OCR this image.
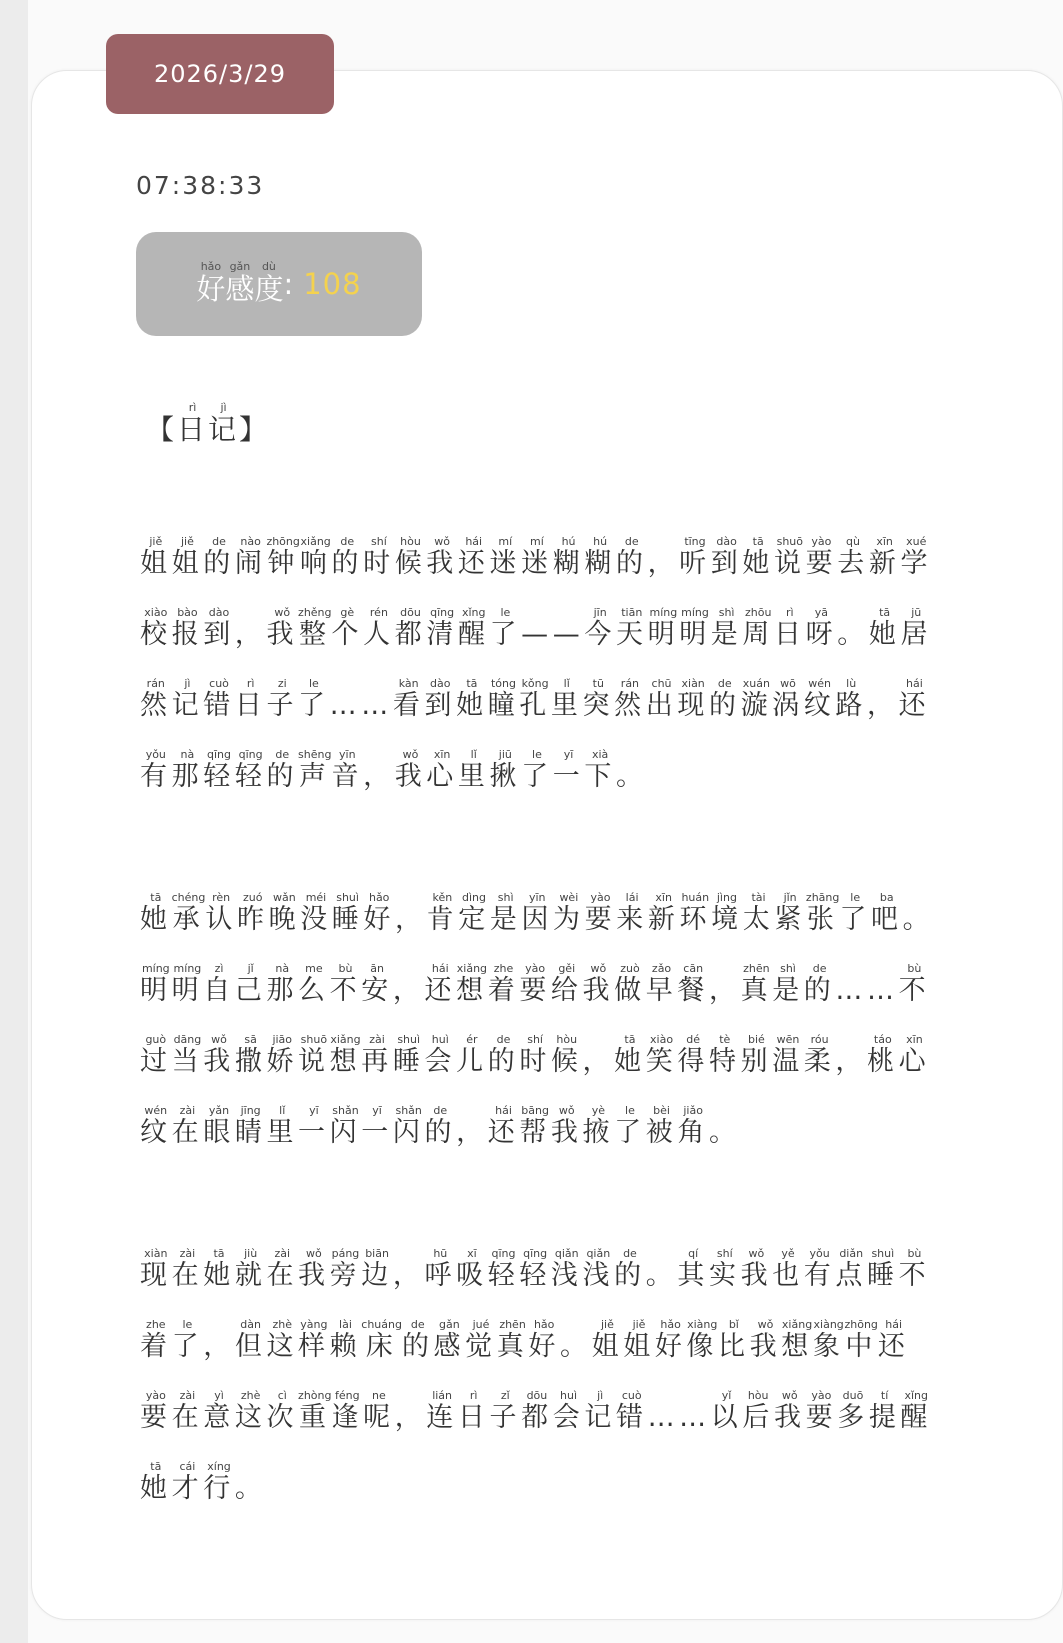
2026/3/29
07:38:33
好hǎo感gǎn度dù
: 108
【日rì记jì】

姐jiě姐jiě的de闹nào钟zhōng响xiǎng的de时shí候hòu我wǒ还hái迷mí迷mí糊hú糊hú的de，听tīng到dào她tā说shuō要yào去qù新xīn学xué校xiào报bào到dào，我wǒ整zhěng个gè人rén都dōu清qīng醒xǐng了le——今jīn天tiān明míng明míng是shì周zhōu日rì呀yā。她tā居jū然rán记jì错cuò日rì子zi了le……看kàn到dào她tā瞳tóng孔kǒng里lǐ突tū然rán出chū现xiàn的de漩xuán涡wō纹wén路lù，还hái有yǒu那nà轻qīng轻qīng的de声shēng音yīn，我wǒ心xīn里lǐ揪jiū了le一yī下xià。

她tā承chéng认rèn昨zuó晚wǎn没méi睡shuì好hǎo，肯kěn定dìng是shì因yīn为wèi要yào来lái新xīn环huán境jìng太tài紧jǐn张zhāng了le吧ba。明míng明míng自zì己jǐ那nà么me不bù安ān，还hái想xiǎng着zhe要yào给gěi我wǒ做zuò早zǎo餐cān，真zhēn是shì的de……不bù过guò当dāng我wǒ撒sā娇jiāo说shuō想xiǎng再zài睡shuì会huì儿ér的de时shí候hòu，她tā笑xiào得dé特tè别bié温wēn柔róu，桃táo心xīn纹wén在zài眼yǎn睛jīng里lǐ一yī闪shǎn一yī闪shǎn的de，还hái帮bāng我wǒ掖yè了le被bèi角jiǎo。

现xiàn在zài她tā就jiù在zài我wǒ旁páng边biān，呼hū吸xī轻qīng轻qīng浅qiǎn浅qiǎn的de。其qí实shí我wǒ也yě有yǒu点diǎn睡shuì不bù着zhe了le，但dàn这zhè样yàng赖lài床chuáng的de感gǎn觉jué真zhēn好hǎo。姐jiě姐jiě好hǎo像xiàng比bǐ我wǒ想xiǎng象xiàng中zhōng还hái要yào在zài意yì这zhè次cì重zhòng逢féng呢ne，连lián日rì子zǐ都dōu会huì记jì错cuò……以yǐ后hòu我wǒ要yào多duō提tí醒xǐng她tā才cái行xíng。
